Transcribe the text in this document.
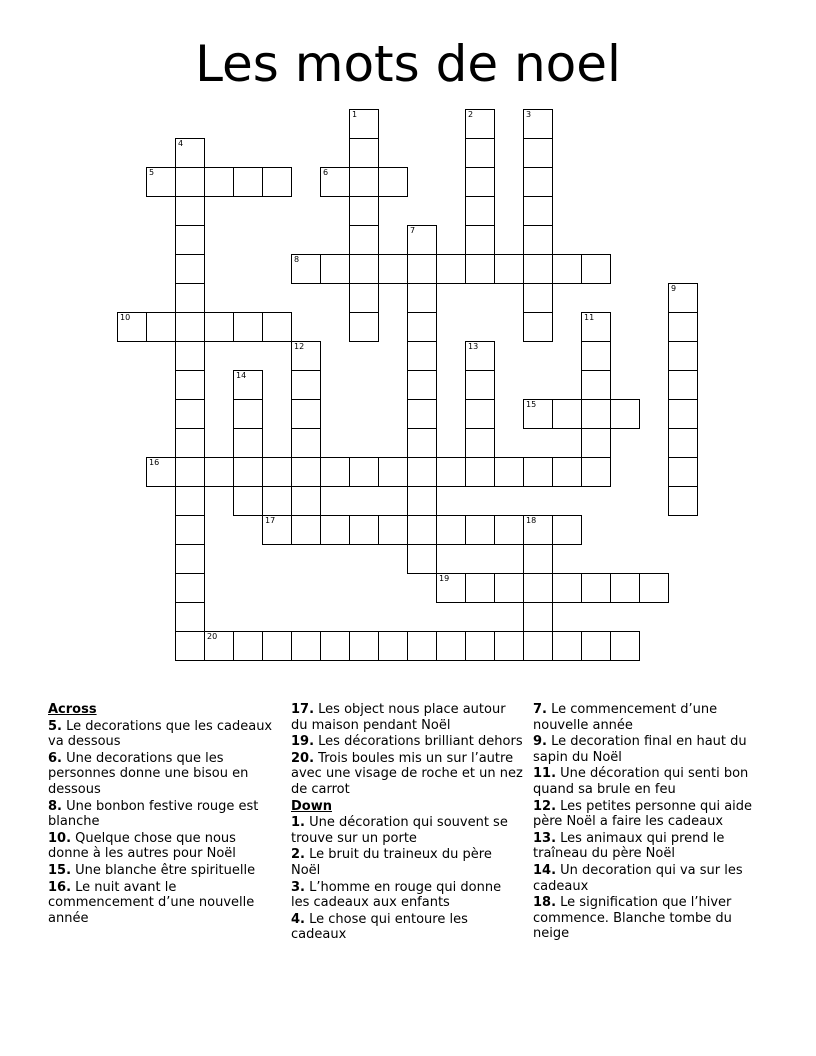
Les mots de noel
5	6
8
10
15
16
17	18
19
20
1	2	3
4
7
9
11
12	13
14
Across
5. Le decorations que les cadeaux va dessous
6. Une decorations que les personnes donne une bisou en dessous
8. Une bonbon festive rouge est blanche
10. Quelque chose que nous donne à les autres pour Noël
15. Une blanche être spirituelle
16. Le nuit avant le commencement d’une nouvelle année
17. Les object nous place autour du maison pendant Noël
19. Les décorations brilliant dehors
20. Trois boules mis un sur l’autre avec une visage de roche et un nez de carrot
Down
1. Une décoration qui souvent se trouve sur un porte
2. Le bruit du traineux du père Noël
3. L’homme en rouge qui donne les cadeaux aux enfants
4. Le chose qui entoure les cadeaux
7. Le commencement d’une nouvelle année
9. Le decoration final en haut du sapin du Noël
11. Une décoration qui senti bon quand sa brule en feu
12. Les petites personne qui aide père Noël a faire les cadeaux
13. Les animaux qui prend le traîneau du père Noël
14. Un decoration qui va sur les cadeaux
18. Le signification que l’hiver commence. Blanche tombe du neige
